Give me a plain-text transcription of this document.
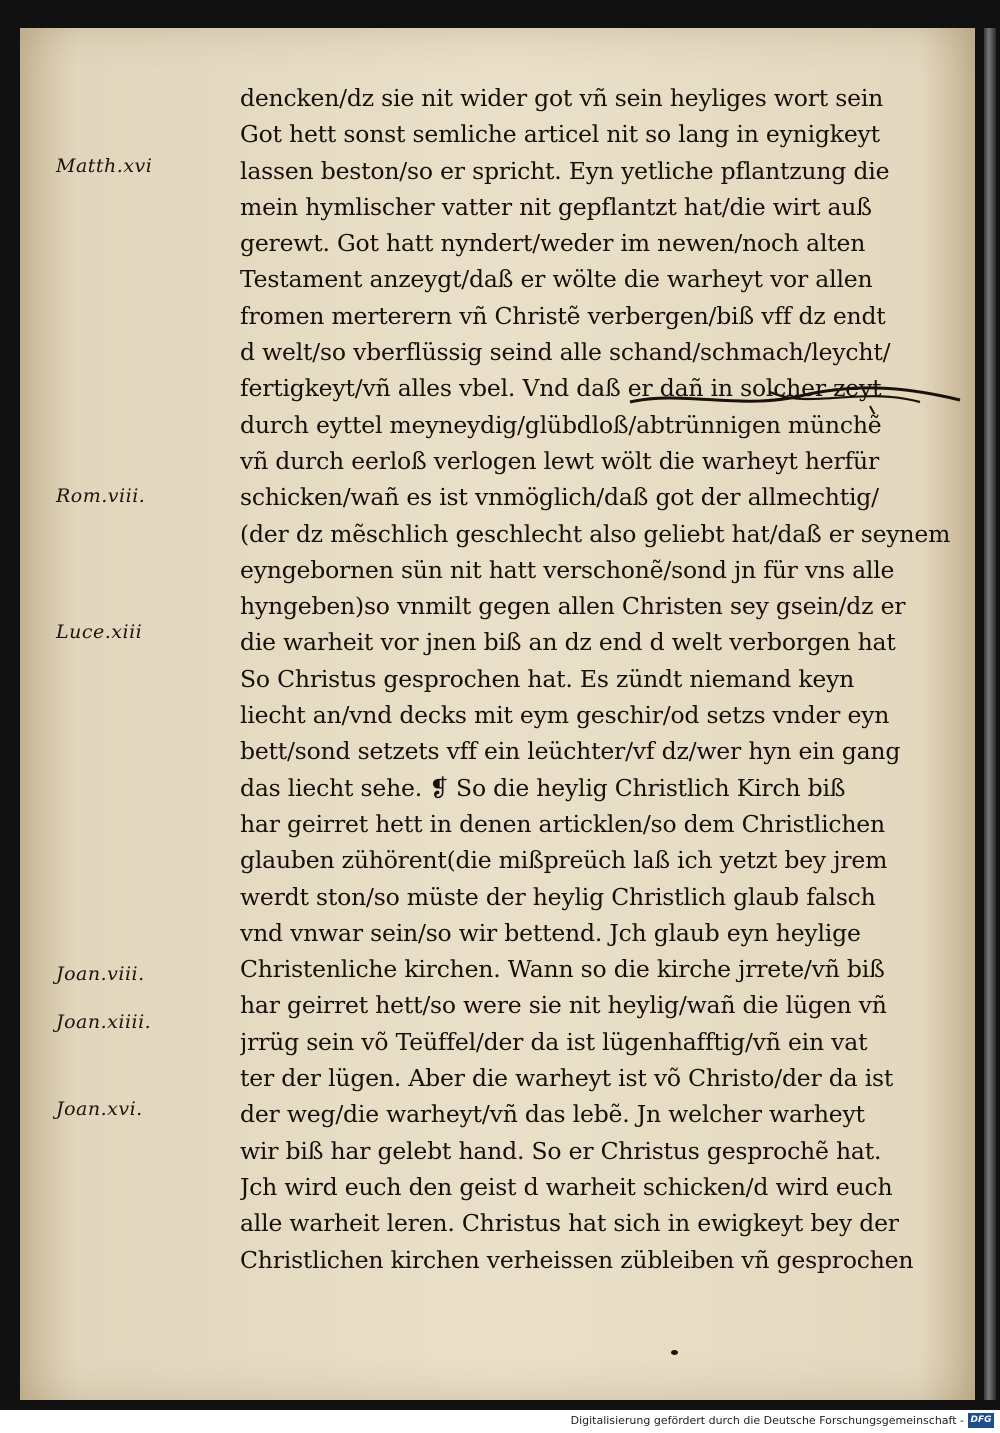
Matth.xvi
Rom.viii.
Luce.xiii
Joan.viii.
Joan.xiiii.
Joan.xvi.
dencken/dz sie nit wider got vñ sein heyliges wort sein
Got hett sonst semliche articel nit so lang in eynigkeyt
lassen beston/so er spricht. Eyn yetliche pflantzung die
mein hymlischer vatter nit gepflantzt hat/die wirt auß
gerewt. Got hatt nyndert/weder im newen/noch alten
Testament anzeygt/daß er wölte die warheyt vor allen
fromen merterern vñ Christẽ verbergen/biß vff dz endt
d welt/so vberflüssig seind alle schand/schmach/leycht/
fertigkeyt/vñ alles vbel. Vnd daß er dañ in solcher zeyt
durch eyttel meyneydig/glübdloß/abtrünnigen münchẽ
vñ durch eerloß verlogen lewt wölt die warheyt herfür
schicken/wañ es ist vnmöglich/daß got der allmechtig/
(der dz mẽschlich geschlecht also geliebt hat/daß er seynem
eyngebornen sün nit hatt verschonẽ/sond jn für vns alle
hyngeben)so vnmilt gegen allen Christen sey gsein/dz er
die warheit vor jnen biß an dz end d welt verborgen hat
So Christus gesprochen hat. Es zündt niemand keyn
liecht an/vnd decks mit eym geschir/od setzs vnder eyn
bett/sond setzets vff ein leüchter/vf dz/wer hyn ein gang
das liecht sehe. ❡ So die heylig Christlich Kirch biß
har geirret hett in denen articklen/so dem Christlichen
glauben zühörent(die mißpreüch laß ich yetzt bey jrem
werdt ston/so müste der heylig Christlich glaub falsch
vnd vnwar sein/so wir bettend. Jch glaub eyn heylige
Christenliche kirchen. Wann so die kirche jrrete/vñ biß
har geirret hett/so were sie nit heylig/wañ die lügen vñ
jrrüg sein võ Teüffel/der da ist lügenhafftig/vñ ein vat
ter der lügen. Aber die warheyt ist võ Christo/der da ist
der weg/die warheyt/vñ das lebẽ. Jn welcher warheyt
wir biß har gelebt hand. So er Christus gesprochẽ hat.
Jch wird euch den geist d warheit schicken/d wird euch
alle warheit leren. Christus hat sich in ewigkeyt bey der
Christlichen kirchen verheissen zübleiben vñ gesprochen
Digitalisierung gefördert durch die Deutsche Forschungsgemeinschaft - DFG
